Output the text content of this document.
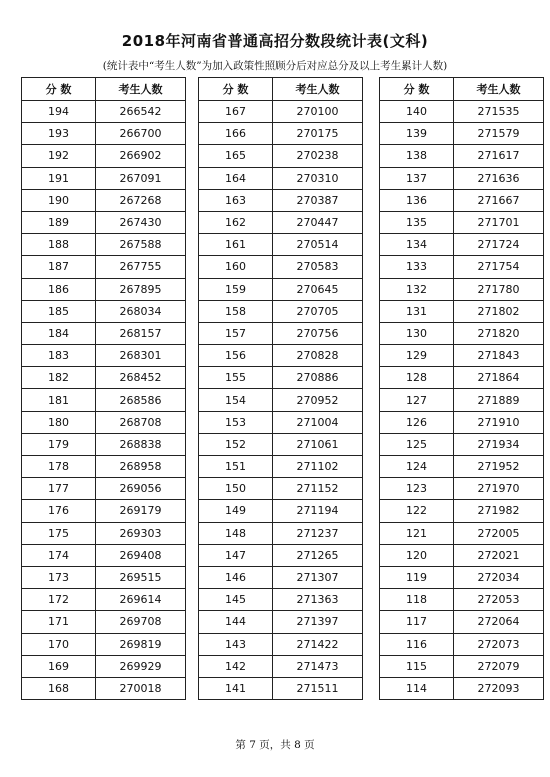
2018年河南省普通高招分数段统计表(文科)
(统计表中“考生人数”为加入政策性照顾分后对应总分及以上考生累计人数)
分 数	考生人数
194	266542
193	266700
192	266902
191	267091
190	267268
189	267430
188	267588
187	267755
186	267895
185	268034
184	268157
183	268301
182	268452
181	268586
180	268708
179	268838
178	268958
177	269056
176	269179
175	269303
174	269408
173	269515
172	269614
171	269708
170	269819
169	269929
168	270018
分 数	考生人数
167	270100
166	270175
165	270238
164	270310
163	270387
162	270447
161	270514
160	270583
159	270645
158	270705
157	270756
156	270828
155	270886
154	270952
153	271004
152	271061
151	271102
150	271152
149	271194
148	271237
147	271265
146	271307
145	271363
144	271397
143	271422
142	271473
141	271511
分 数	考生人数
140	271535
139	271579
138	271617
137	271636
136	271667
135	271701
134	271724
133	271754
132	271780
131	271802
130	271820
129	271843
128	271864
127	271889
126	271910
125	271934
124	271952
123	271970
122	271982
121	272005
120	272021
119	272034
118	272053
117	272064
116	272073
115	272079
114	272093
第 7 页，共 8 页
